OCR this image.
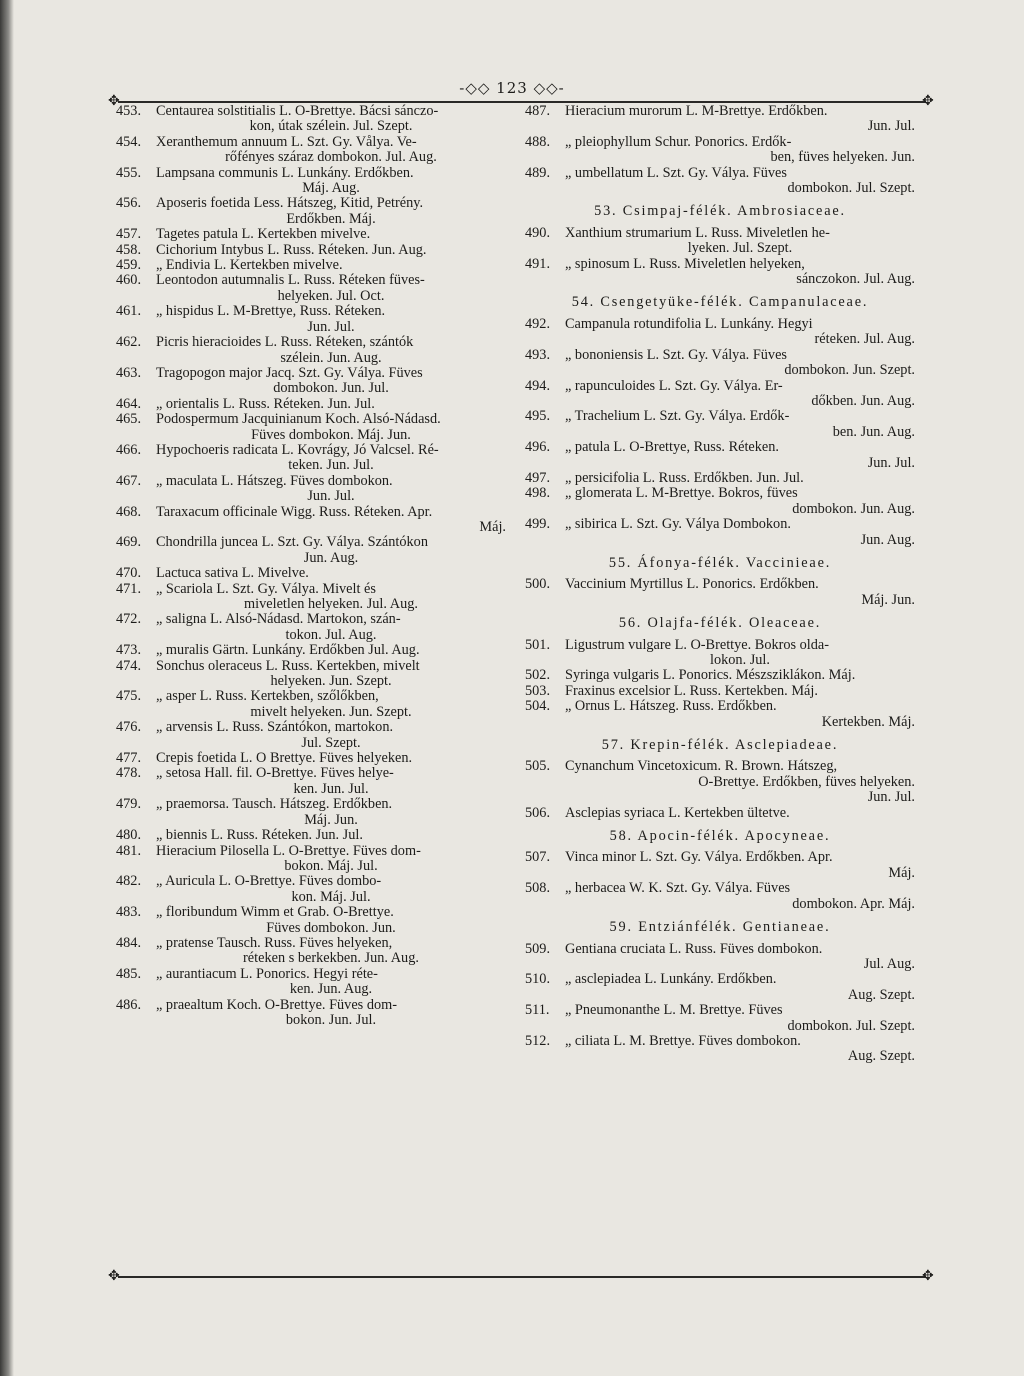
-◇◇ 123 ◇◇-
✥	✥
453.	Centaurea solstitialis L. O-Brettye. Bácsi sánczo-
kon, útak szélein. Jul. Szept.
454.	Xeranthemum annuum L. Szt. Gy. Vålya. Ve-
rőfényes száraz dombokon. Jul. Aug.
455.	Lampsana communis L. Lunkány. Erdőkben.
Máj. Aug.
456.	Aposeris foetida Less. Hátszeg, Kitid, Petrény.
Erdőkben. Máj.
457.	Tagetes patula L. Kertekben mivelve.
458.	Cichorium Intybus L. Russ. Réteken. Jun. Aug.
459.	„ Endivia L. Kertekben mivelve.
460.	Leontodon autumnalis L. Russ. Réteken füves-
helyeken. Jul. Oct.
461.	„ hispidus L. M-Brettye, Russ. Réteken.
Jun. Jul.
462.	Picris hieracioides L. Russ. Réteken, szántók
szélein. Jun. Aug.
463.	Tragopogon major Jacq. Szt. Gy. Válya. Füves
dombokon. Jun. Jul.
464.	„ orientalis L. Russ. Réteken. Jun. Jul.
465.	Podospermum Jacquinianum Koch. Alsó-Nádasd.
Füves dombokon. Máj. Jun.
466.	Hypochoeris radicata L. Kovrágy, Jó Valcsel. Ré-
teken. Jun. Jul.
467.	„ maculata L. Hátszeg. Füves dombokon.
Jun. Jul.
468.	Taraxacum officinale Wigg. Russ. Réteken. Apr.
Máj.
469.	Chondrilla juncea L. Szt. Gy. Válya. Szántókon
Jun. Aug.
470.	Lactuca sativa L. Mivelve.
471.	„ Scariola L. Szt. Gy. Válya. Mivelt és
miveletlen helyeken. Jul. Aug.
472.	„ saligna L. Alsó-Nádasd. Martokon, szán-
tokon. Jul. Aug.
473.	„ muralis Gärtn. Lunkány. Erdőkben Jul. Aug.
474.	Sonchus oleraceus L. Russ. Kertekben, mivelt
helyeken. Jun. Szept.
475.	„ asper L. Russ. Kertekben, szőlőkben,
mivelt helyeken. Jun. Szept.
476.	„ arvensis L. Russ. Szántókon, martokon.
Jul. Szept.
477.	Crepis foetida L. O Brettye. Füves helyeken.
478.	„ setosa Hall. fil. O-Brettye. Füves helye-
ken. Jun. Jul.
479.	„ praemorsa. Tausch. Hátszeg. Erdőkben.
Máj. Jun.
480.	„ biennis L. Russ. Réteken. Jun. Jul.
481.	Hieracium Pilosella L. O-Brettye. Füves dom-
bokon. Máj. Jul.
482.	„ Auricula L. O-Brettye. Füves dombo-
kon. Máj. Jul.
483.	„ floribundum Wimm et Grab. O-Brettye.
Füves dombokon. Jun.
484.	„ pratense Tausch. Russ. Füves helyeken,
réteken s berkekben. Jun. Aug.
485.	„ aurantiacum L. Ponorics. Hegyi réte-
ken. Jun. Aug.
486.	„ praealtum Koch. O-Brettye. Füves dom-
bokon. Jun. Jul.
487.	Hieracium murorum L. M-Brettye. Erdőkben.
Jun. Jul.
488.	„ pleiophyllum Schur. Ponorics. Erdők-
ben, füves helyeken. Jun.
489.	„ umbellatum L. Szt. Gy. Válya. Füves
dombokon. Jul. Szept.
53. Csimpaj-félék. Ambrosiaceae.
490.	Xanthium strumarium L. Russ. Miveletlen he-
lyeken. Jul. Szept.
491.	„ spinosum L. Russ. Miveletlen helyeken,
sánczokon. Jul. Aug.
54. Csengetyüke-félék. Campanulaceae.
492.	Campanula rotundifolia L. Lunkány. Hegyi
réteken. Jul. Aug.
493.	„ bononiensis L. Szt. Gy. Válya. Füves
dombokon. Jun. Szept.
494.	„ rapunculoides L. Szt. Gy. Válya. Er-
dőkben. Jun. Aug.
495.	„ Trachelium L. Szt. Gy. Válya. Erdők-
ben. Jun. Aug.
496.	„ patula L. O-Brettye, Russ. Réteken.
Jun. Jul.
497.	„ persicifolia L. Russ. Erdőkben. Jun. Jul.
498.	„ glomerata L. M-Brettye. Bokros, füves
dombokon. Jun. Aug.
499.	„ sibirica L. Szt. Gy. Válya Dombokon.
Jun. Aug.
55. Áfonya-félék. Vaccinieae.
500.	Vaccinium Myrtillus L. Ponorics. Erdőkben.
Máj. Jun.
56. Olajfa-félék. Oleaceae.
501.	Ligustrum vulgare L. O-Brettye. Bokros olda-
lokon. Jul.
502.	Syringa vulgaris L. Ponorics. Mészsziklákon. Máj.
503.	Fraxinus excelsior L. Russ. Kertekben. Máj.
504.	„ Ornus L. Hátszeg. Russ. Erdőkben.
Kertekben. Máj.
57. Krepin-félék. Asclepiadeae.
505.	Cynanchum Vincetoxicum. R. Brown. Hátszeg,
O-Brettye. Erdőkben, füves helyeken.
Jun. Jul.
506.	Asclepias syriaca L. Kertekben ültetve.
58. Apocin-félék. Apocyneae.
507.	Vinca minor L. Szt. Gy. Válya. Erdőkben. Apr.
Máj.
508.	„ herbacea W. K. Szt. Gy. Válya. Füves
dombokon. Apr. Máj.
59. Entziánfélék. Gentianeae.
509.	Gentiana cruciata L. Russ. Füves dombokon.
Jul. Aug.
510.	„ asclepiadea L. Lunkány. Erdőkben.
Aug. Szept.
511.	„ Pneumonanthe L. M. Brettye. Füves
dombokon. Jul. Szept.
512.	„ ciliata L. M. Brettye. Füves dombokon.
Aug. Szept.
✥	✥
